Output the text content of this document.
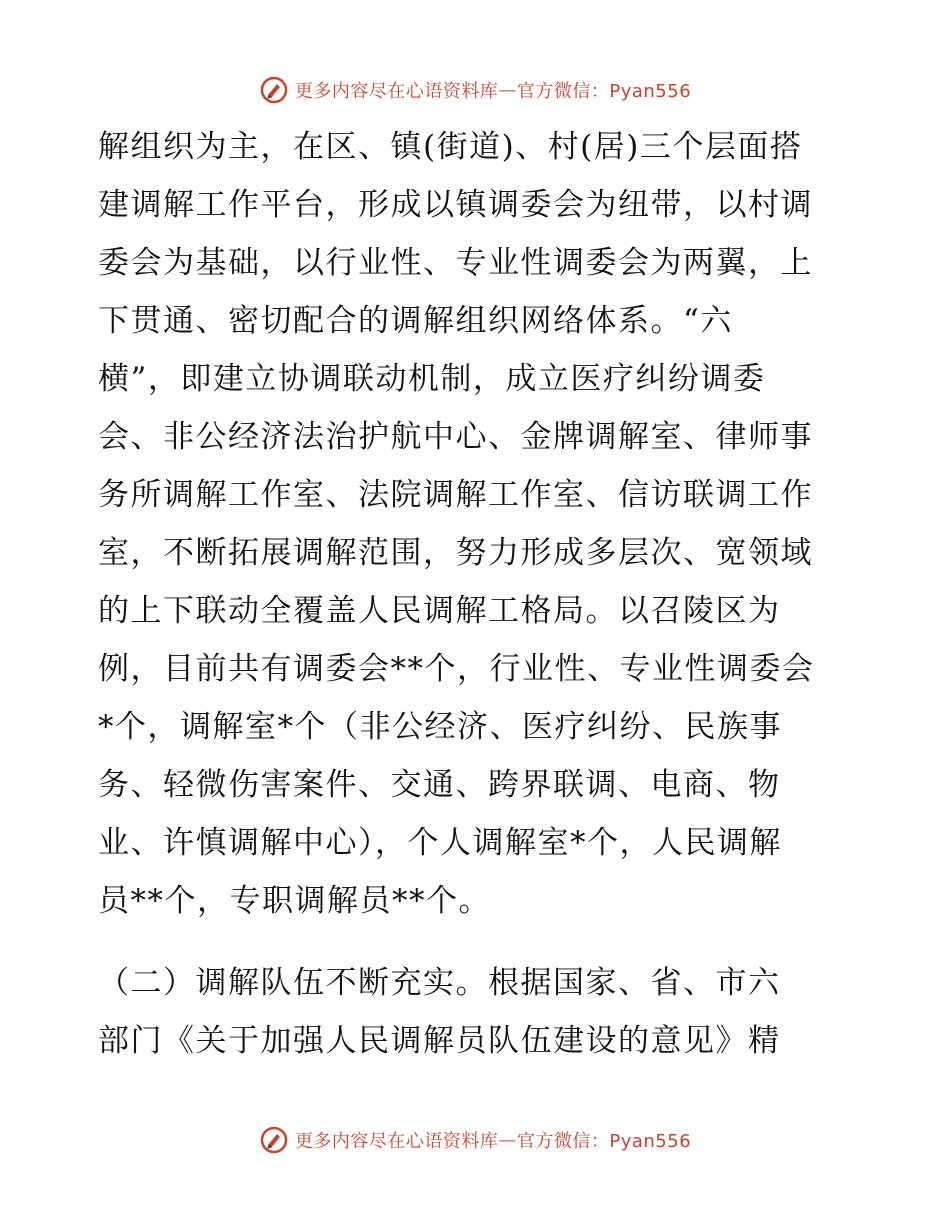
更多内容尽在心语资料库 — 官方微信：Pyan556
解组织为主，在区、镇(街道)、村(居)三个层面搭
建调解工作平台，形成以镇调委会为纽带，以村调
委会为基础，以行业性、专业性调委会为两翼，上
下贯通、密切配合的调解组织网络体系。“六
横”，即建立协调联动机制，成立医疗纠纷调委
会、非公经济法治护航中心、金牌调解室、律师事
务所调解工作室、法院调解工作室、信访联调工作
室，不断拓展调解范围，努力形成多层次、宽领域
的上下联动全覆盖人民调解工格局。以召陵区为
例，目前共有调委会**个，行业性、专业性调委会
*个，调解室*个（非公经济、医疗纠纷、民族事
务、轻微伤害案件、交通、跨界联调、电商、物
业、许慎调解中心），个人调解室*个，人民调解
员**个，专职调解员**个。
（二）调解队伍不断充实。根据国家、省、市六
部门《关于加强人民调解员队伍建设的意见》精
更多内容尽在心语资料库 — 官方微信：Pyan556
